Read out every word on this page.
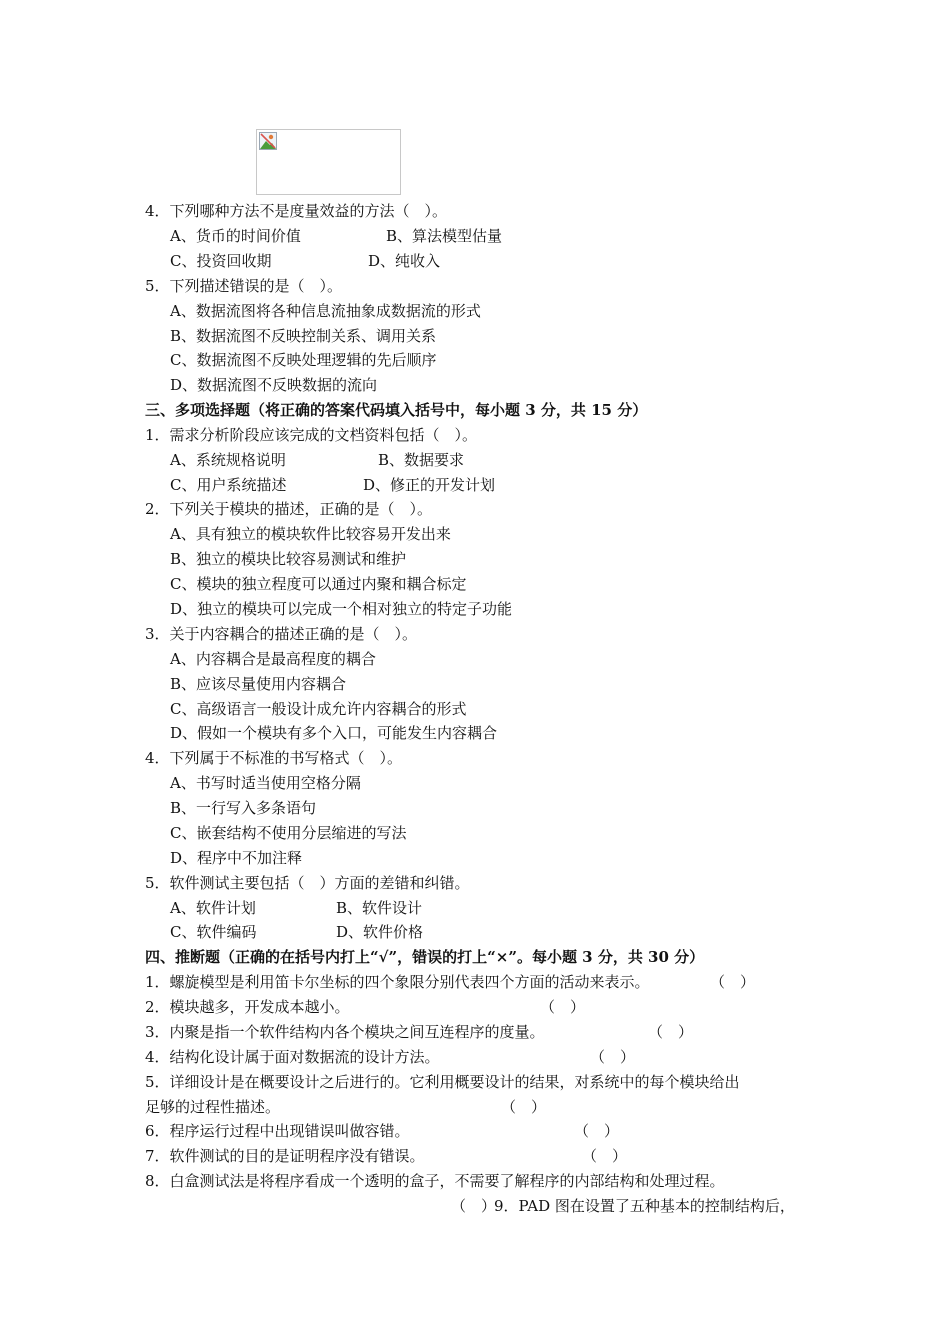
4．下列哪种方法不是度量效益的方法（　）。
A、货币的时间价值	B、算法模型估量
C、投资回收期	D、纯收入
5．下列描述错误的是（　）。
A、数据流图将各种信息流抽象成数据流的形式
B、数据流图不反映控制关系、调用关系
C、数据流图不反映处理逻辑的先后顺序
D、数据流图不反映数据的流向
三、多项选择题（将正确的答案代码填入括号中，每小题 3 分，共 15 分）
1．需求分析阶段应该完成的文档资料包括（　）。
A、系统规格说明	B、数据要求
C、用户系统描述	D、修正的开发计划
2．下列关于模块的描述，正确的是（　）。
A、具有独立的模块软件比较容易开发出来
B、独立的模块比较容易测试和维护
C、模块的独立程度可以通过内聚和耦合标定
D、独立的模块可以完成一个相对独立的特定子功能
3．关于内容耦合的描述正确的是（　）。
A、内容耦合是最高程度的耦合
B、应该尽量使用内容耦合
C、高级语言一般设计成允许内容耦合的形式
D、假如一个模块有多个入口，可能发生内容耦合
4．下列属于不标准的书写格式（　）。
A、书写时适当使用空格分隔
B、一行写入多条语句
C、嵌套结构不使用分层缩进的写法
D、程序中不加注释
5．软件测试主要包括（　）方面的差错和纠错。
A、软件计划	B、软件设计
C、软件编码	D、软件价格
四、推断题（正确的在括号内打上“√”，错误的打上“×”。每小题 3 分，共 30 分）
1．螺旋模型是利用笛卡尔坐标的四个象限分别代表四个方面的活动来表示。	（　）
2．模块越多，开发成本越小。	（　）
3．内聚是指一个软件结构内各个模块之间互连程序的度量。	（　）
4．结构化设计属于面对数据流的设计方法。	（　）
5．详细设计是在概要设计之后进行的。它利用概要设计的结果，对系统中的每个模块给出
足够的过程性描述。	（　）
6．程序运行过程中出现错误叫做容错。	（　）
7．软件测试的目的是证明程序没有错误。	（　）
8．白盒测试法是将程序看成一个透明的盒子，不需要了解程序的内部结构和处理过程。
（　）
9．PAD 图在设置了五种基本的控制结构后，
